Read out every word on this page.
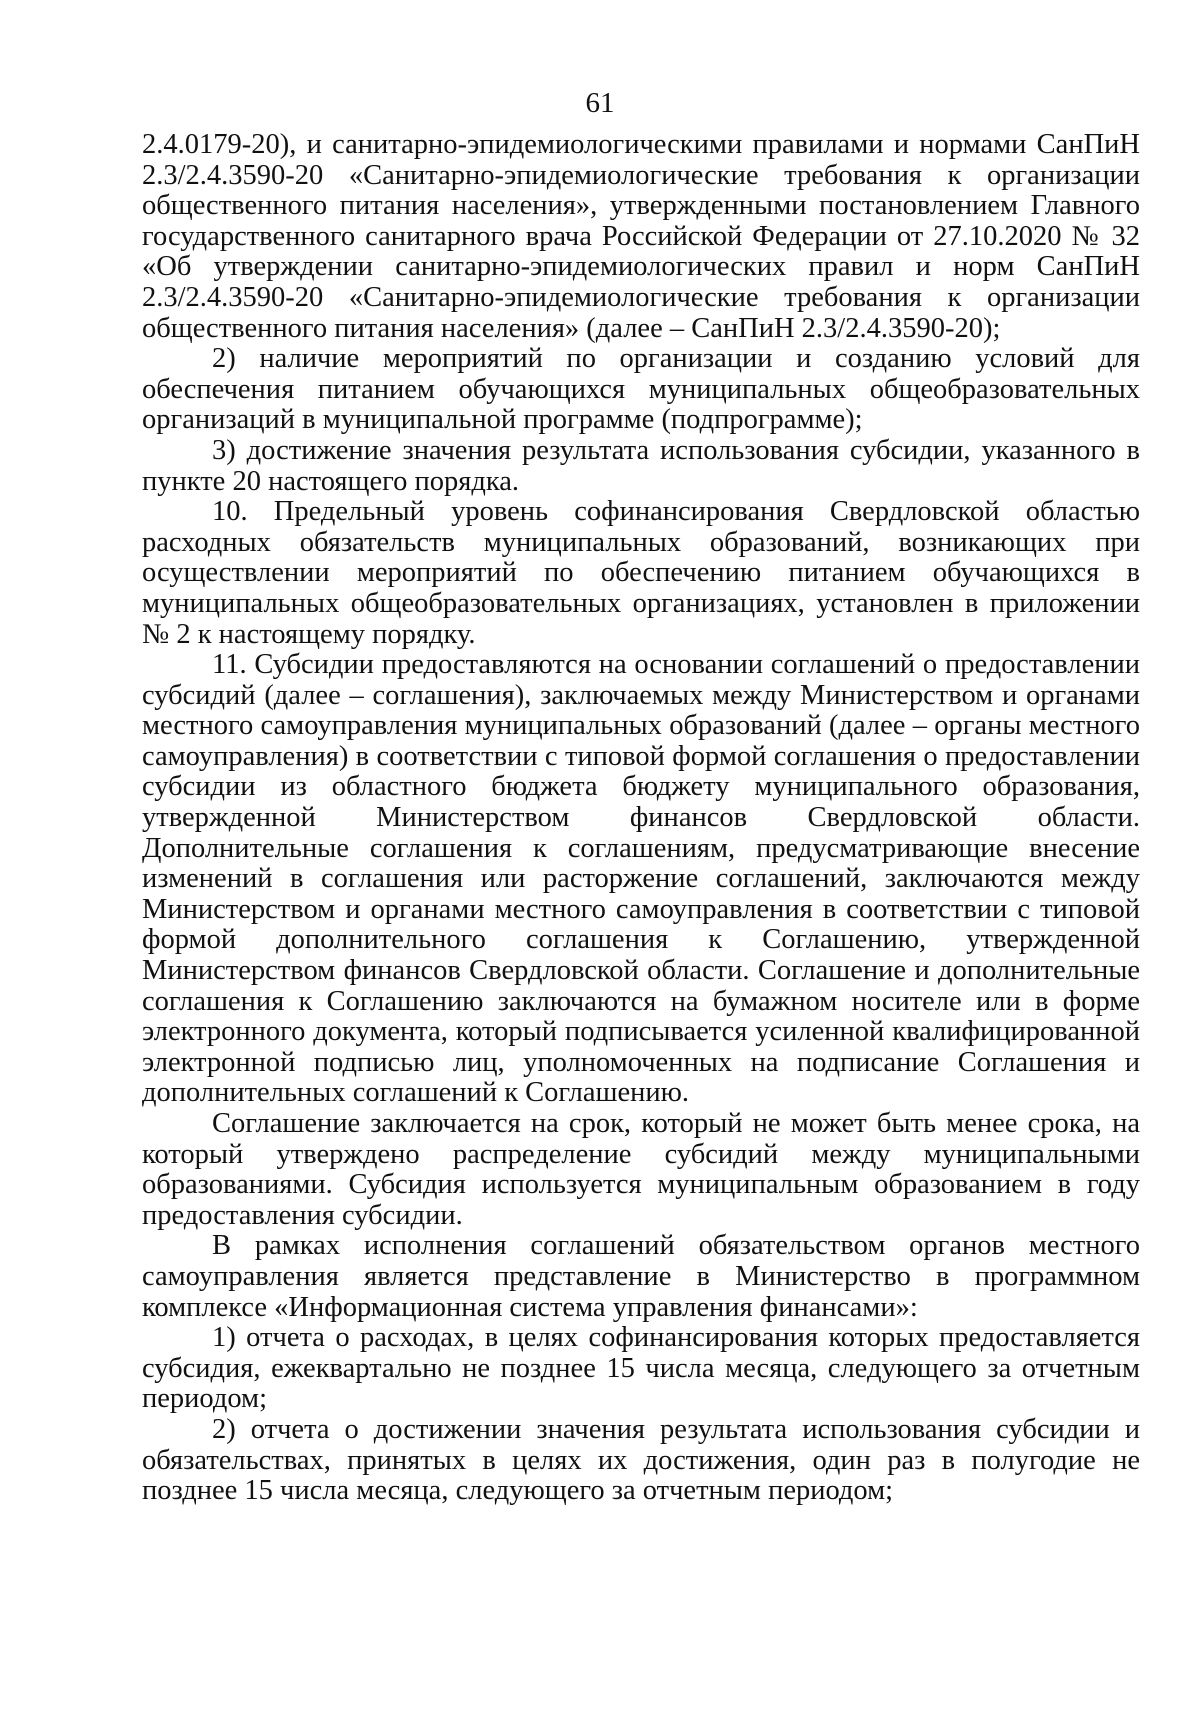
61

2.4.0179-20), и санитарно-эпидемиологическими правилами и нормами СанПиН 2.3/2.4.3590-20 «Санитарно-эпидемиологические требования к организации общественного питания населения», утвержденными постановлением Главного государственного санитарного врача Российской Федерации от 27.10.2020 № 32 «Об утверждении санитарно-эпидемиологических правил и норм СанПиН 2.3/2.4.3590-20 «Санитарно-эпидемиологические требования к организации общественного питания населения» (далее – СанПиН 2.3/2.4.3590-20);

2) наличие мероприятий по организации и созданию условий для обеспечения питанием обучающихся муниципальных общеобразовательных организаций в муниципальной программе (подпрограмме);

3) достижение значения результата использования субсидии, указанного в пункте 20 настоящего порядка.

10. Предельный уровень софинансирования Свердловской областью расходных обязательств муниципальных образований, возникающих при осуществлении мероприятий по обеспечению питанием обучающихся в муниципальных общеобразовательных организациях, установлен в приложении № 2 к настоящему порядку.

11. Субсидии предоставляются на основании соглашений о предоставлении субсидий (далее – соглашения), заключаемых между Министерством и органами местного самоуправления муниципальных образований (далее – органы местного самоуправления) в соответствии с типовой формой соглашения о предоставлении субсидии из областного бюджета бюджету муниципального образования, утвержденной Министерством финансов Свердловской области. Дополнительные соглашения к соглашениям, предусматривающие внесение изменений в соглашения или расторжение соглашений, заключаются между Министерством и органами местного самоуправления в соответствии с типовой формой дополнительного соглашения к Соглашению, утвержденной Министерством финансов Свердловской области. Соглашение и дополнительные соглашения к Соглашению заключаются на бумажном носителе или в форме электронного документа, который подписывается усиленной квалифицированной электронной подписью лиц, уполномоченных на подписание Соглашения и дополнительных соглашений к Соглашению.

Соглашение заключается на срок, который не может быть менее срока, на который утверждено распределение субсидий между муниципальными образованиями. Субсидия используется муниципальным образованием в году предоставления субсидии.

В рамках исполнения соглашений обязательством органов местного самоуправления является представление в Министерство в программном комплексе «Информационная система управления финансами»:

1) отчета о расходах, в целях софинансирования которых предоставляется субсидия, ежеквартально не позднее 15 числа месяца, следующего за отчетным периодом;

2) отчета о достижении значения результата использования субсидии и обязательствах, принятых в целях их достижения, один раз в полугодие не позднее 15 числа месяца, следующего за отчетным периодом;
